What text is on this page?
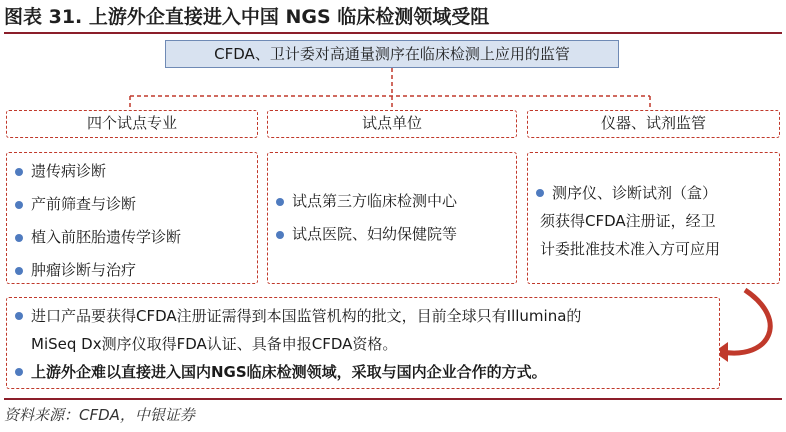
图表 31. 上游外企直接进入中国 NGS 临床检测领域受阻
CFDA、卫计委对高通量测序在临床检测上应用的监管
四个试点专业	试点单位	仪器、试剂监管
遗传病诊断
产前筛查与诊断
植入前胚胎遗传学诊断
肿瘤诊断与治疗
试点第三方临床检测中心
试点医院、妇幼保健院等
测序仪、诊断试剂（盒）
须获得CFDA注册证，经卫
计委批准技术准入方可应用

进口产品要获得CFDA注册证需得到本国监管机构的批文，目前全球只有Illumina的

MiSeq Dx测序仪取得FDA认证、具备申报CFDA资格。

上游外企难以直接进入国内NGS临床检测领域，采取与国内企业合作的方式。

资料来源：CFDA，中银证券
